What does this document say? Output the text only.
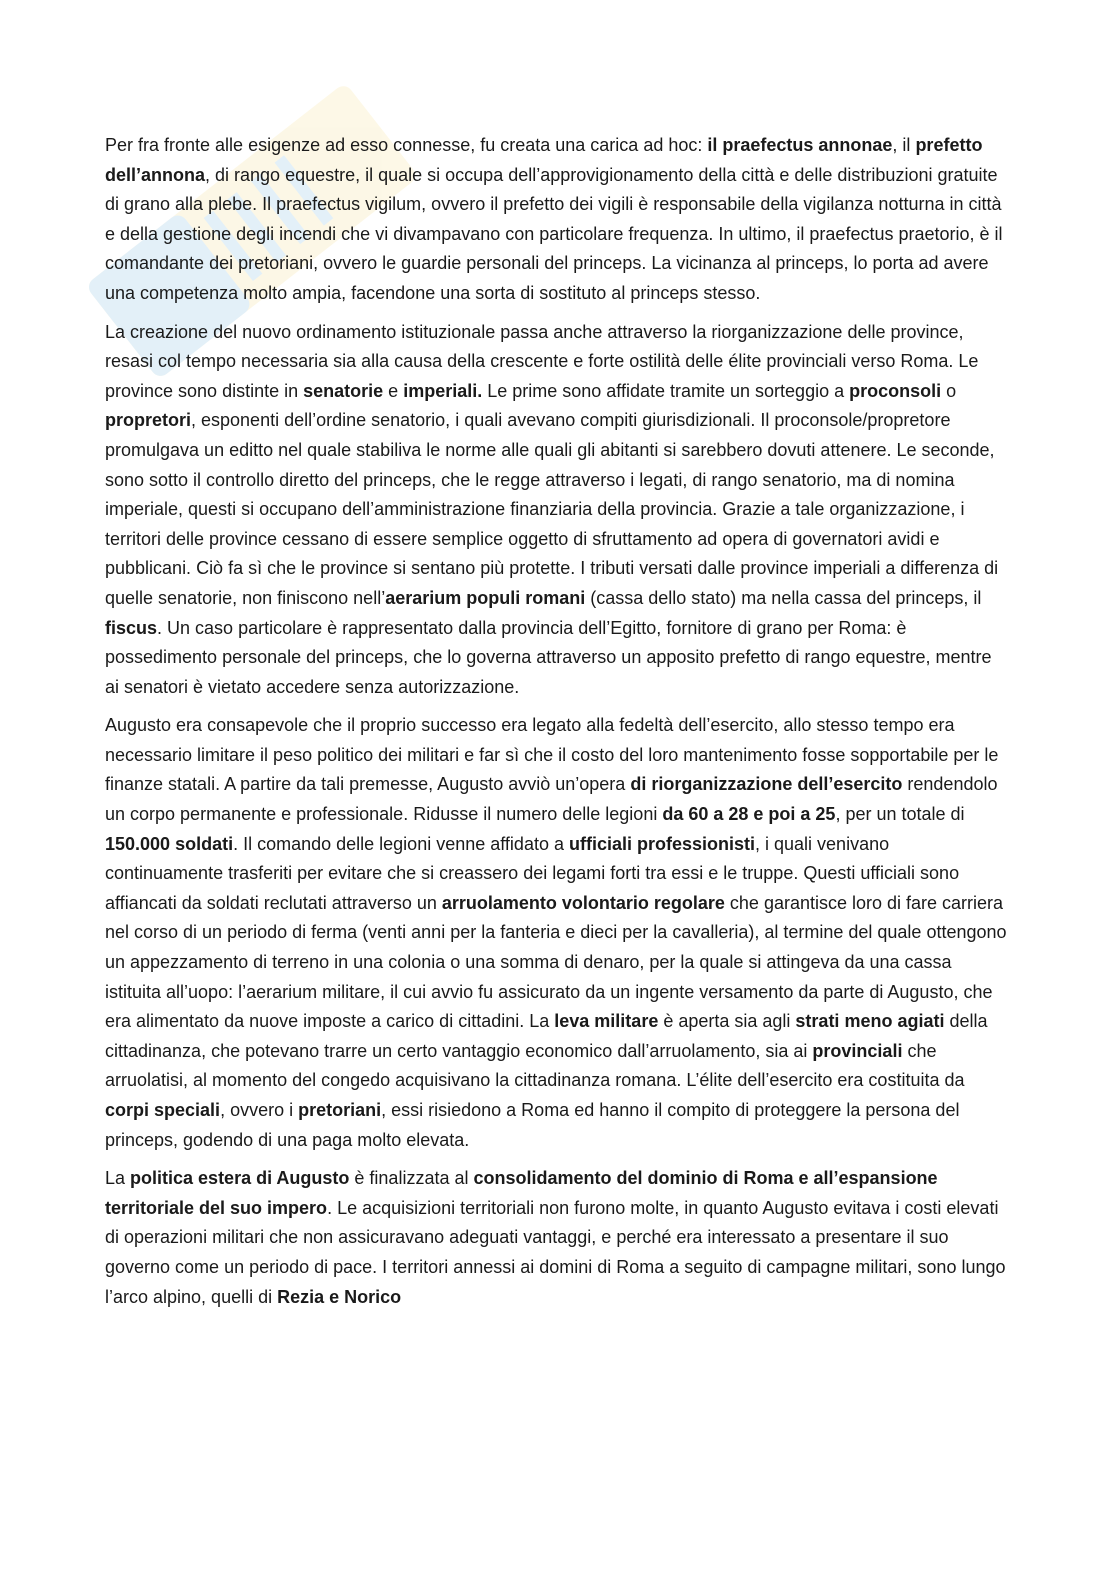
Per fra fronte alle esigenze ad esso connesse, fu creata una carica ad hoc: il praefectus annonae, il prefetto dell’annona, di rango equestre, il quale si occupa dell’approvigionamento della città e delle distribuzioni gratuite di grano alla plebe. Il praefectus vigilum, ovvero il prefetto dei vigili è responsabile della vigilanza notturna in città e della gestione degli incendi che vi divampavano con particolare frequenza. In ultimo, il praefectus praetorio, è il comandante dei pretoriani, ovvero le guardie personali del princeps. La vicinanza al princeps, lo porta ad avere una competenza molto ampia, facendone una sorta di sostituto al princeps stesso.

La creazione del nuovo ordinamento istituzionale passa anche attraverso la riorganizzazione delle province, resasi col tempo necessaria sia alla causa della crescente e forte ostilità delle élite provinciali verso Roma. Le province sono distinte in senatorie e imperiali. Le prime sono affidate tramite un sorteggio a proconsoli o propretori, esponenti dell’ordine senatorio, i quali avevano compiti giurisdizionali. Il proconsole/propretore promulgava un editto nel quale stabiliva le norme alle quali gli abitanti si sarebbero dovuti attenere. Le seconde, sono sotto il controllo diretto del princeps, che le regge attraverso i legati, di rango senatorio, ma di nomina imperiale, questi si occupano dell’amministrazione finanziaria della provincia. Grazie a tale organizzazione, i territori delle province cessano di essere semplice oggetto di sfruttamento ad opera di governatori avidi e pubblicani. Ciò fa sì che le province si sentano più protette. I tributi versati dalle province imperiali a differenza di quelle senatorie, non finiscono nell’aerarium populi romani (cassa dello stato) ma nella cassa del princeps, il fiscus. Un caso particolare è rappresentato dalla provincia dell’Egitto, fornitore di grano per Roma: è possedimento personale del princeps, che lo governa attraverso un apposito prefetto di rango equestre, mentre ai senatori è vietato accedere senza autorizzazione.

Augusto era consapevole che il proprio successo era legato alla fedeltà dell’esercito, allo stesso tempo era necessario limitare il peso politico dei militari e far sì che il costo del loro mantenimento fosse sopportabile per le finanze statali. A partire da tali premesse, Augusto avviò un’opera di riorganizzazione dell’esercito rendendolo un corpo permanente e professionale. Ridusse il numero delle legioni da 60 a 28 e poi a 25, per un totale di 150.000 soldati. Il comando delle legioni venne affidato a ufficiali professionisti, i quali venivano continuamente trasferiti per evitare che si creassero dei legami forti tra essi e le truppe. Questi ufficiali sono affiancati da soldati reclutati attraverso un arruolamento volontario regolare che garantisce loro di fare carriera nel corso di un periodo di ferma (venti anni per la fanteria e dieci per la cavalleria), al termine del quale ottengono un appezzamento di terreno in una colonia o una somma di denaro, per la quale si attingeva da una cassa istituita all’uopo: l’aerarium militare, il cui avvio fu assicurato da un ingente versamento da parte di Augusto, che era alimentato da nuove imposte a carico di cittadini. La leva militare è aperta sia agli strati meno agiati della cittadinanza, che potevano trarre un certo vantaggio economico dall’arruolamento, sia ai provinciali che arruolatisi, al momento del congedo acquisivano la cittadinanza romana. L’élite dell’esercito era costituita da corpi speciali, ovvero i pretoriani, essi risiedono a Roma ed hanno il compito di proteggere la persona del princeps, godendo di una paga molto elevata.

La politica estera di Augusto è finalizzata al consolidamento del dominio di Roma e all’espansione territoriale del suo impero. Le acquisizioni territoriali non furono molte, in quanto Augusto evitava i costi elevati di operazioni militari che non assicuravano adeguati vantaggi, e perché era interessato a presentare il suo governo come un periodo di pace. I territori annessi ai domini di Roma a seguito di campagne militari, sono lungo l’arco alpino, quelli di Rezia e Norico
